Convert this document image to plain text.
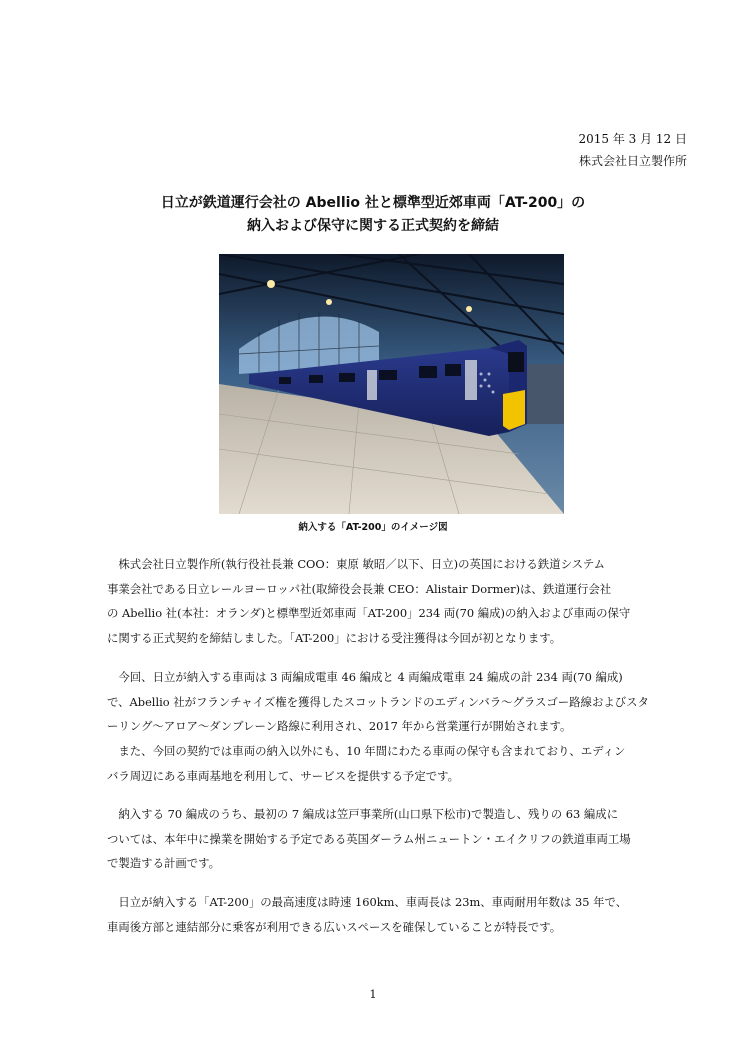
2015 年 3 月 12 日
株式会社日立製作所
日立が鉄道運行会社の Abellio 社と標準型近郊車両「AT-200」の
納入および保守に関する正式契約を締結
納入する「AT-200」のイメージ図
　株式会社日立製作所(執行役社長兼 COO：東原 敏昭／以下、日立)の英国における鉄道システム
事業会社である日立レールヨーロッパ社(取締役会長兼 CEO：Alistair Dormer)は、鉄道運行会社
の Abellio 社(本社：オランダ)と標準型近郊車両「AT-200」234 両(70 編成)の納入および車両の保守
に関する正式契約を締結しました。「AT-200」における受注獲得は今回が初となります。
　今回、日立が納入する車両は 3 両編成電車 46 編成と 4 両編成電車 24 編成の計 234 両(70 編成)
で、Abellio 社がフランチャイズ権を獲得したスコットランドのエディンバラ～グラスゴー路線およびスタ
ーリング～アロア～ダンブレーン路線に利用され、2017 年から営業運行が開始されます。
　また、今回の契約では車両の納入以外にも、10 年間にわたる車両の保守も含まれており、エディン
バラ周辺にある車両基地を利用して、サービスを提供する予定です。
　納入する 70 編成のうち、最初の 7 編成は笠戸事業所(山口県下松市)で製造し、残りの 63 編成に
ついては、本年中に操業を開始する予定である英国ダーラム州ニュートン・エイクリフの鉄道車両工場
で製造する計画です。
　日立が納入する「AT-200」の最高速度は時速 160km、車両長は 23m、車両耐用年数は 35 年で、
車両後方部と連結部分に乗客が利用できる広いスペースを確保していることが特長です。
1
